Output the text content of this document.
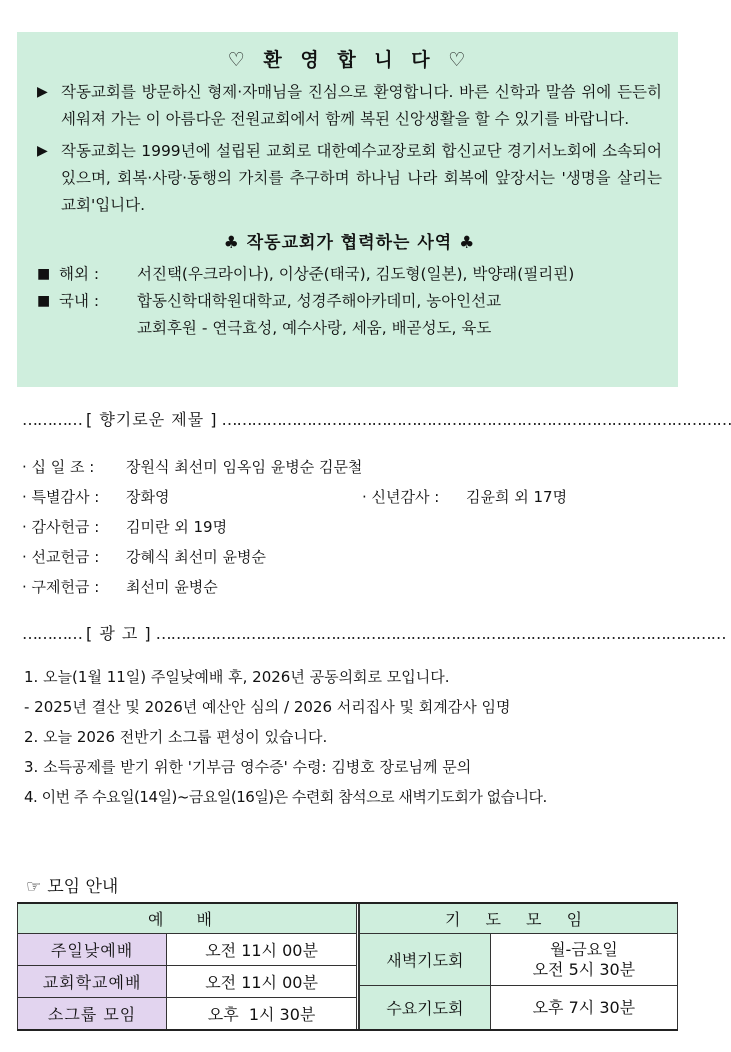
♡ 환 영 합 니 다 ♡
▶ 작동교회를 방문하신 형제·자매님을 진심으로 환영합니다. 바른 신학과 말씀 위에 든든히 세워져 가는 이 아름다운 전원교회에서 함께 복된 신앙생활을 할 수 있기를 바랍니다.
▶ 작동교회는 1999년에 설립된 교회로 대한예수교장로회 합신교단 경기서노회에 소속되어 있으며, 회복·사랑·동행의 가치를 추구하며 하나님 나라 회복에 앞장서는 '생명을 살리는 교회'입니다.
♣ 작동교회가 협력하는 사역 ♣
■ 해외 :	서진택(우크라이나), 이상준(태국), 김도형(일본), 박양래(필리핀)
■ 국내 :	합동신학대학원대학교, 성경주해아카데미, 농아인선교
교회후원 - 연극효성, 예수사랑, 세움, 배곧성도, 육도
………… [ 향기로운 제물 ] …………………………………………………………………………………………
· 십 일 조 :	장원식 최선미 임옥임 윤병순 김문철
· 특별감사 :	장화영	· 신년감사 :	김윤희 외 17명
· 감사헌금 :	김미란 외 19명
· 선교헌금 :	강혜식 최선미 윤병순
· 구제헌금 :	최선미 윤병순
………… [ 광 고 ] ……………………………………………………………………………………………………
1. 오늘(1월 11일) 주일낮예배 후, 2026년 공동의회로 모입니다.
- 2025년 결산 및 2026년 예산안 심의 / 2026 서리집사 및 회계감사 임명
2. 오늘 2026 전반기 소그룹 편성이 있습니다.
3. 소득공제를 받기 위한 '기부금 영수증' 수령: 김병호 장로님께 문의
4. 이번 주 수요일(14일)~금요일(16일)은 수련회 참석으로 새벽기도회가 없습니다.
☞ 모임 안내
예 배	
주일낮예배	오전 11시 00분
교회학교예배	오전 11시 00분
소그룹 모임	오후  1시 30분
기 도 모 임	
새벽기도회	월-금요일
오전 5시 30분

수요기도회	오후 7시 30분
